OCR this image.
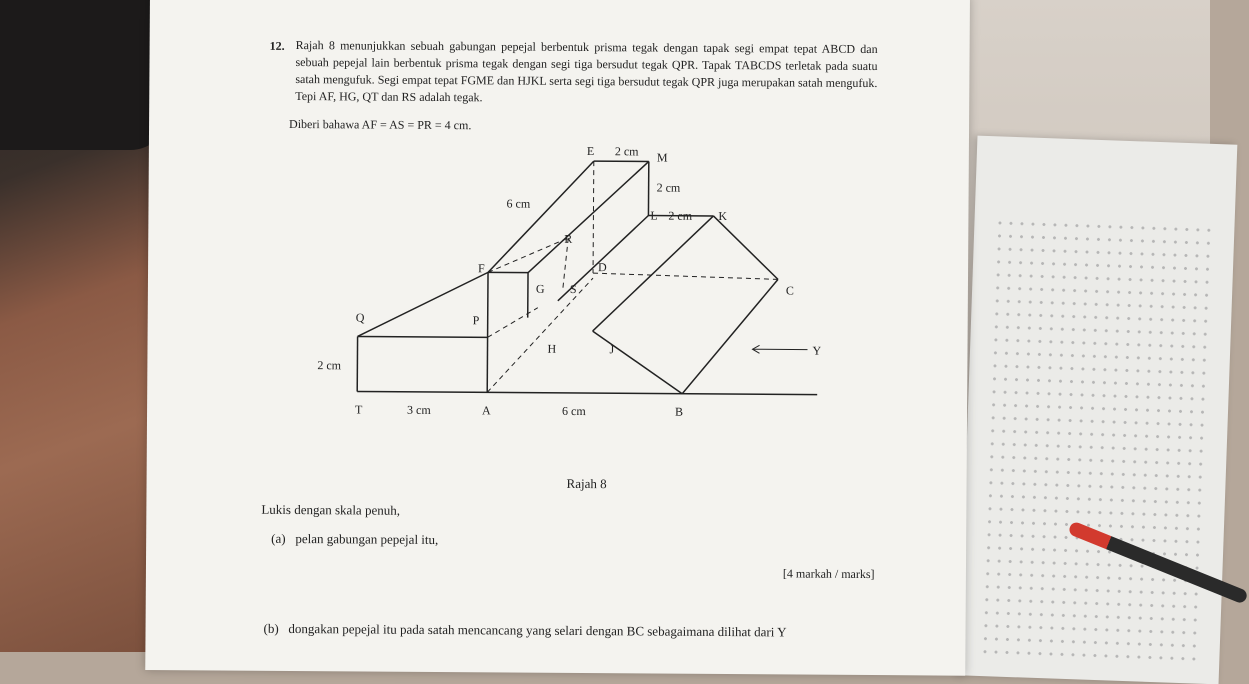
12. Rajah 8 menunjukkan sebuah gabungan pepejal berbentuk prisma tegak dengan tapak segi empat tepat ABCD dan sebuah pepejal lain berbentuk prisma tegak dengan segi tiga bersudut tegak QPR. Tapak TABCDS terletak pada suatu satah mengufuk. Segi empat tepat FGME dan HJKL serta segi tiga bersudut tegak QPR juga merupakan satah mengufuk. Tepi AF, HG, QT dan RS adalah tegak.
Diberi bahawa AF = AS = PR = 4 cm.
E	M
2 cm
2 cm
L 2 cm K
6 cm
R
F
G
D
S	C
Q	P
H	J	Y
2 cm
T	3 cm	A	6 cm	B
Rajah 8
Lukis dengan skala penuh,
(a) pelan gabungan pepejal itu,
[4 markah / marks]
(b) dongakan pepejal itu pada satah mencancang yang selari dengan BC sebagaimana dilihat dari Y
